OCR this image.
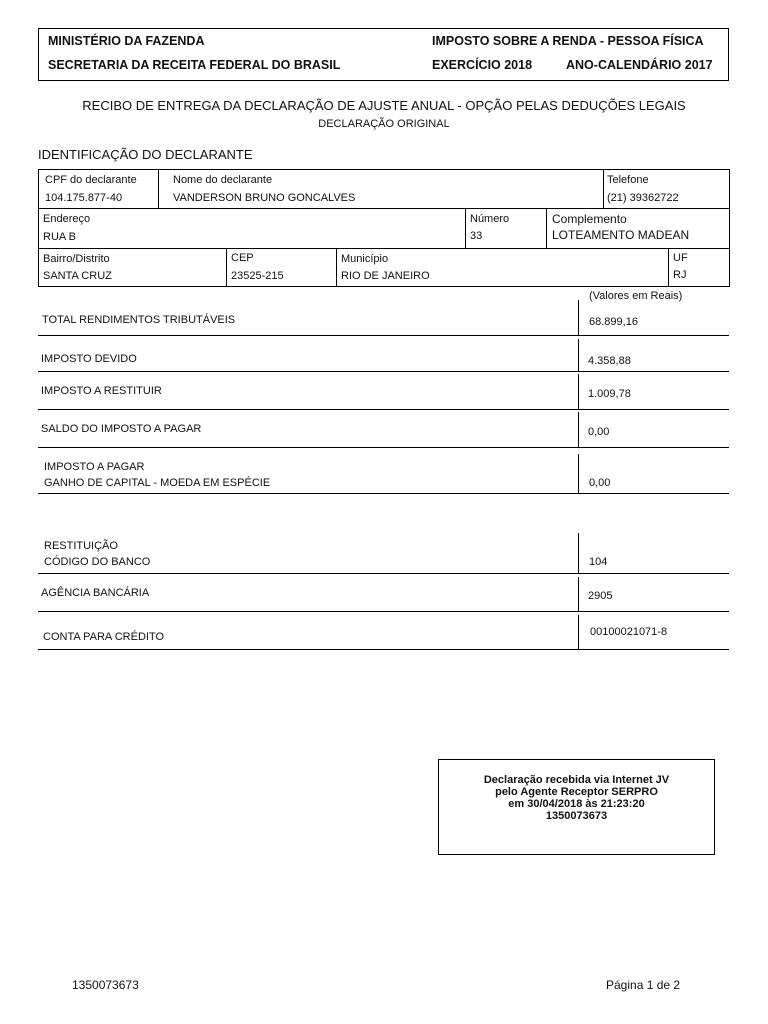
MINISTÉRIO DA FAZENDA
SECRETARIA DA RECEITA FEDERAL DO BRASIL
IMPOSTO SOBRE A RENDA - PESSOA FÍSICA
EXERCÍCIO 2018	ANO-CALENDÁRIO 2017
RECIBO DE ENTREGA DA DECLARAÇÃO DE AJUSTE ANUAL - OPÇÃO PELAS DEDUÇÕES LEGAIS
DECLARAÇÃO ORIGINAL
IDENTIFICAÇÃO DO DECLARANTE
CPF do declarante
104.175.877-40
Nome do declarante
VANDERSON BRUNO GONCALVES
Telefone
(21) 39362722
Endereço
RUA B
Número
33
Complemento
LOTEAMENTO MADEAN
Bairro/Distrito
SANTA CRUZ
CEP
23525-215
Município
RIO DE JANEIRO
UF
RJ
(Valores em Reais)
TOTAL RENDIMENTOS TRIBUTÁVEIS	68.899,16
IMPOSTO DEVIDO	4.358,88
IMPOSTO A RESTITUIR	1.009,78
SALDO DO IMPOSTO A PAGAR	0,00
IMPOSTO A PAGAR
GANHO DE CAPITAL - MOEDA EM ESPÉCIE	0,00
RESTITUIÇÃO
CÓDIGO DO BANCO	104
AGÊNCIA BANCÁRIA	2905
CONTA PARA CRÉDITO	00100021071-8
Declaração recebida via Internet JV
pelo Agente Receptor SERPRO
em 30/04/2018 às 21:23:20
1350073673
1350073673	Página 1 de 2
